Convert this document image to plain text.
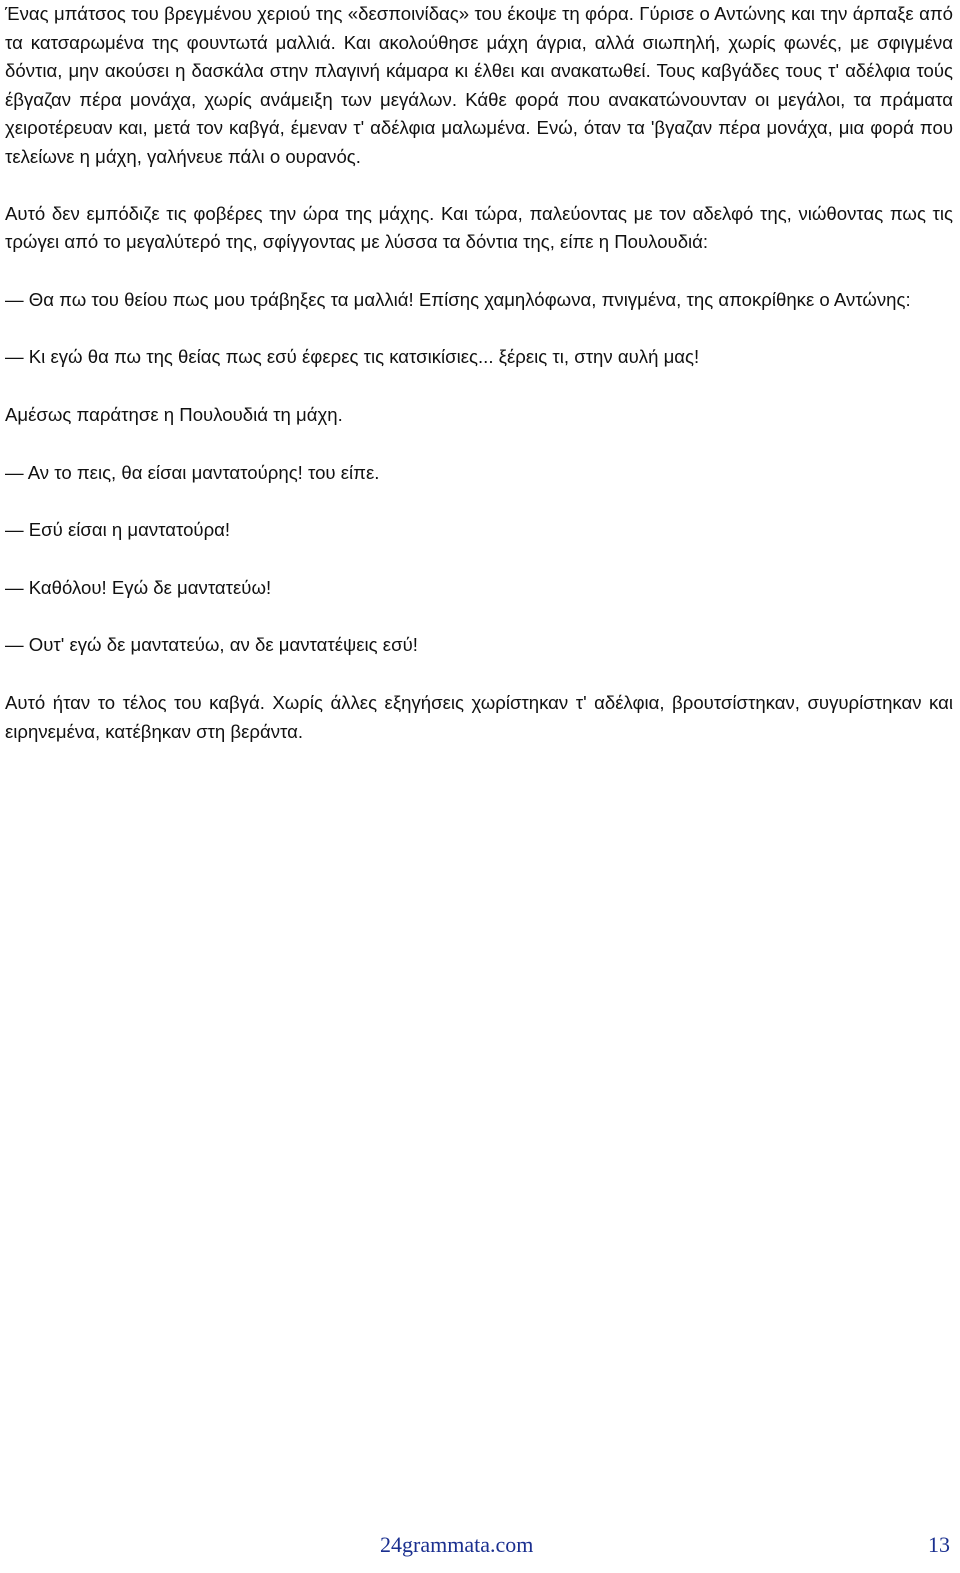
Ένας μπάτσος του βρεγμένου χεριού της «δεσποινίδας» του έκοψε τη φόρα. Γύρισε ο Αντώνης και την άρπαξε από τα κατσαρωμένα της φουντωτά μαλλιά. Και ακολούθησε μάχη άγρια, αλλά σιωπηλή, χωρίς φωνές, με σφιγμένα δόντια, μην ακούσει η δασκάλα στην πλαγινή κάμαρα κι έλθει και ανακατωθεί. Τους καβγάδες τους τ' αδέλφια τούς έβγαζαν πέρα μονάχα, χωρίς ανάμειξη των μεγάλων. Κάθε φορά που ανακατώνουνταν οι μεγάλοι, τα πράματα χειροτέρευαν και, μετά τον καβγά, έμεναν τ' αδέλφια μαλωμένα. Ενώ, όταν τα 'βγαζαν πέρα μονάχα, μια φορά που τελείωνε η μάχη, γαλήνευε πάλι ο ουρανός.

Αυτό δεν εμπόδιζε τις φοβέρες την ώρα της μάχης. Και τώρα, παλεύοντας με τον αδελφό της, νιώθοντας πως τις τρώγει από το μεγαλύτερό της, σφίγγοντας με λύσσα τα δόντια της, είπε η Πουλουδιά:

— Θα πω του θείου πως μου τράβηξες τα μαλλιά! Επίσης χαμηλόφωνα, πνιγμένα, της αποκρίθηκε ο Αντώνης:

— Κι εγώ θα πω της θείας πως εσύ έφερες τις κατσικίσιες... ξέρεις τι, στην αυλή μας!

Αμέσως παράτησε η Πουλουδιά τη μάχη.

— Αν το πεις, θα είσαι μαντατούρης! του είπε.

— Εσύ είσαι η μαντατούρα!

— Καθόλου! Εγώ δε μαντατεύω!

— Ουτ' εγώ δε μαντατεύω, αν δε μαντατέψεις εσύ!

Αυτό ήταν το τέλος του καβγά. Χωρίς άλλες εξηγήσεις χωρίστηκαν τ' αδέλφια, βρουτσίστηκαν, συγυρίστηκαν και ειρηνεμένα, κατέβηκαν στη βεράντα.

24grammata.com	13
